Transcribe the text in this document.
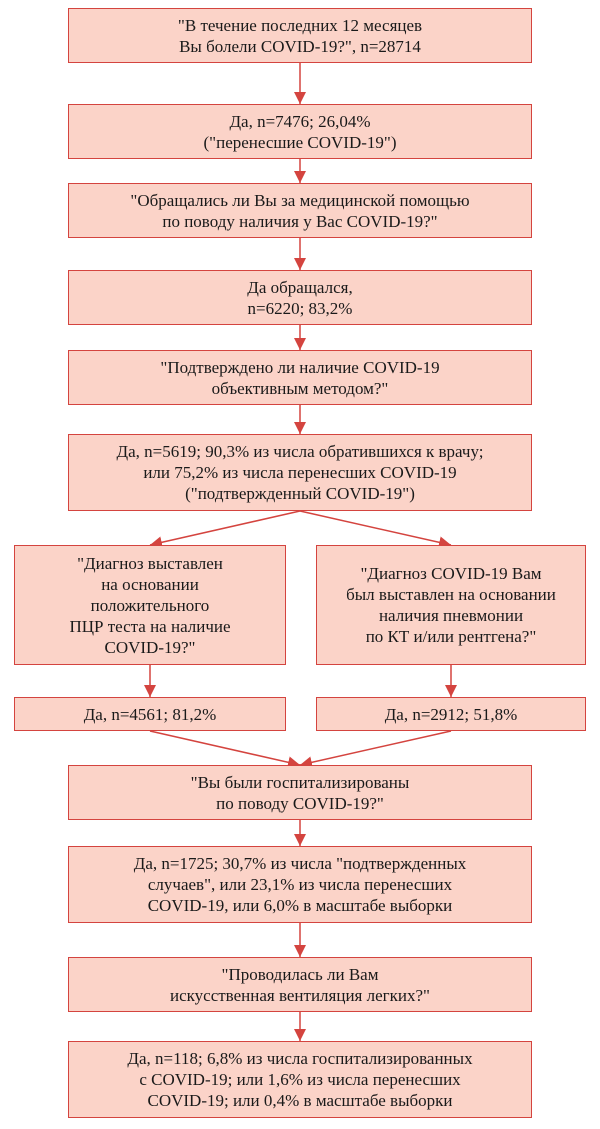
"В течение последних 12 месяцев
Вы болели COVID-19?", n=28714
Да, n=7476; 26,04%
("перенесшие COVID-19")
"Обращались ли Вы за медицинской помощью
по поводу наличия у Вас COVID-19?"
Да обращался,
n=6220; 83,2%
"Подтверждено ли наличие COVID-19
объективным методом?"
Да, n=5619; 90,3% из числа обратившихся к врачу;
или 75,2% из числа перенесших COVID-19
("подтвержденный COVID-19")
"Диагноз выставлен
на основании
положительного
ПЦР теста на наличие
COVID-19?"
"Диагноз COVID-19 Вам
был выставлен на основании
наличия пневмонии
по КТ и/или рентгена?"
Да, n=4561; 81,2%	Да, n=2912; 51,8%
"Вы были госпитализированы
по поводу COVID-19?"
Да, n=1725; 30,7% из числа "подтвержденных
случаев", или 23,1% из числа перенесших
COVID-19, или 6,0% в масштабе выборки
"Проводилась ли Вам
искусственная вентиляция легких?"
Да, n=118; 6,8% из числа госпитализированных
с COVID-19; или 1,6% из числа перенесших
COVID-19; или 0,4% в масштабе выборки
